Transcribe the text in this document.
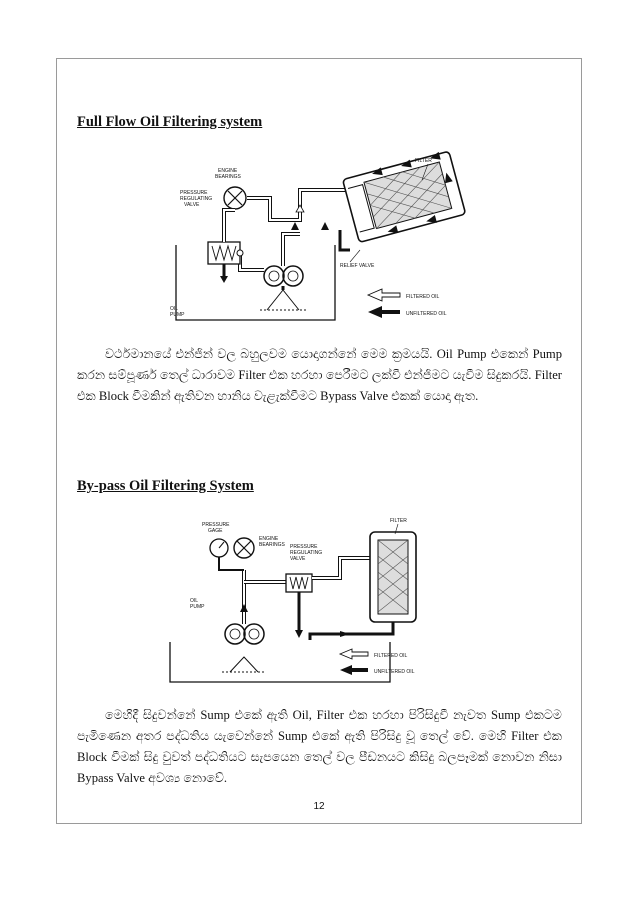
Full Flow Oil Filtering system
ENGINE BEARINGS
PRESSURE REGULATING VALVE
OIL PUMP
FILTER
RELIEF VALVE
FILTERED OIL
UNFILTERED OIL
වර්ථමානයේ එන්ජින් වල බහුලවම යොදාගන්නේ මෙම ක්‍රමයයි. Oil Pump එකෙන් Pump කරන සම්පූර්ණ තෙල් ධාරාවම Filter එක හරහා පෙරීමට ලක්වී එන්ජිමට යැවීම සිදුකරයි. Filter එක Block වීමකින් ඇතිවන හානිය වැළැක්වීමට Bypass Valve එකක් යොදා ඇත.
By-pass Oil Filtering System
OIL PUMP
PRESSURE GAGE
ENGINE BEARINGS PRESSURE REGULATING VALVE
FILTER
FILTERED OIL
UNFILTERED OIL
මෙහිදී සිදුවන්නේ Sump එකේ ඇති Oil, Filter එක හරහා පිරිසිදුවී නැවත Sump එකටම පැමිණෙන අතර පද්ධතිය යැවෙන්නේ Sump එකේ ඇති පිරිසිදු වූ තෙල් වේ. මෙහි Filter එක Block වීමක් සිදු වුවත් පද්ධතියට සැපයෙන තෙල් වල පීඩනයට කිසිදු බලපෑමක් නොවන නිසා Bypass Valve අවශ්‍ය නොවේ.
12
